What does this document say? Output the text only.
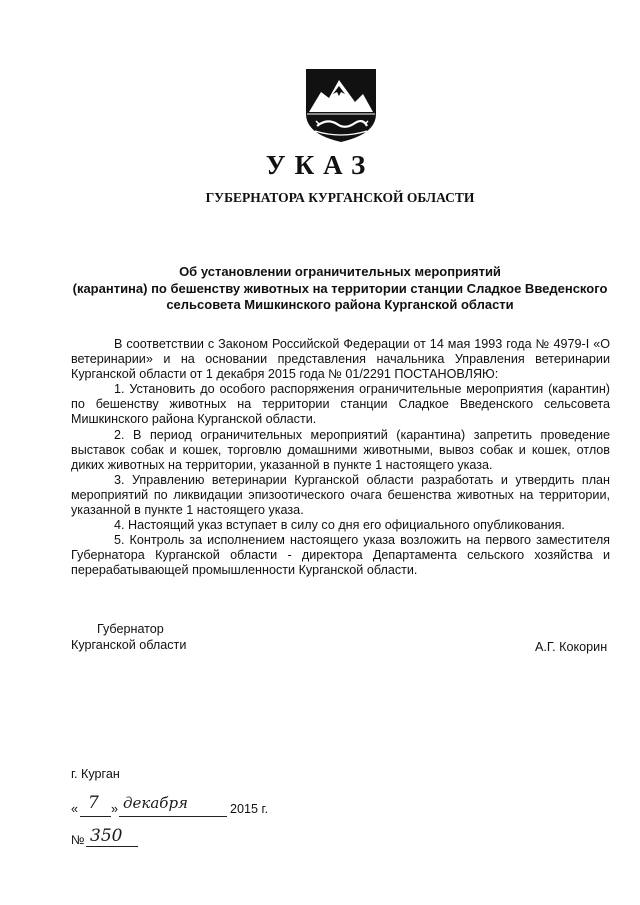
УКАЗ
ГУБЕРНАТОРА КУРГАНСКОЙ ОБЛАСТИ
Об установлении ограничительных мероприятий
(карантина) по бешенству животных на территории станции Сладкое Введенского
сельсовета Мишкинского района Курганской области

В соответствии с Законом Российской Федерации от 14 мая 1993 года № 4979-I «О ветеринарии» и на основании представления начальника Управления ветеринарии Курганской области от 1 декабря 2015 года № 01/2291 ПОСТАНОВЛЯЮ:

1. Установить до особого распоряжения ограничительные мероприятия (карантин) по бешенству животных на территории станции Сладкое Введенского сельсовета Мишкинского района Курганской области.

2. В период ограничительных мероприятий (карантина) запретить проведение выставок собак и кошек, торговлю домашними животными, вывоз собак и кошек, отлов диких животных на территории, указанной в пункте 1 настоящего указа.

3. Управлению ветеринарии Курганской области разработать и утвердить план мероприятий по ликвидации эпизоотического очага бешенства животных на территории, указанной в пункте 1 настоящего указа.

4. Настоящий указ вступает в силу со дня его официального опубликования.

5. Контроль за исполнением настоящего указа возложить на первого заместителя Губернатора Курганской области - директора Департамента сельского хозяйства и перерабатывающей промышленности Курганской области.

Губернатор
Курганской области	А.Г. Кокорин
г. Курган
« 7 » декабря	2015 г.
№ 350
